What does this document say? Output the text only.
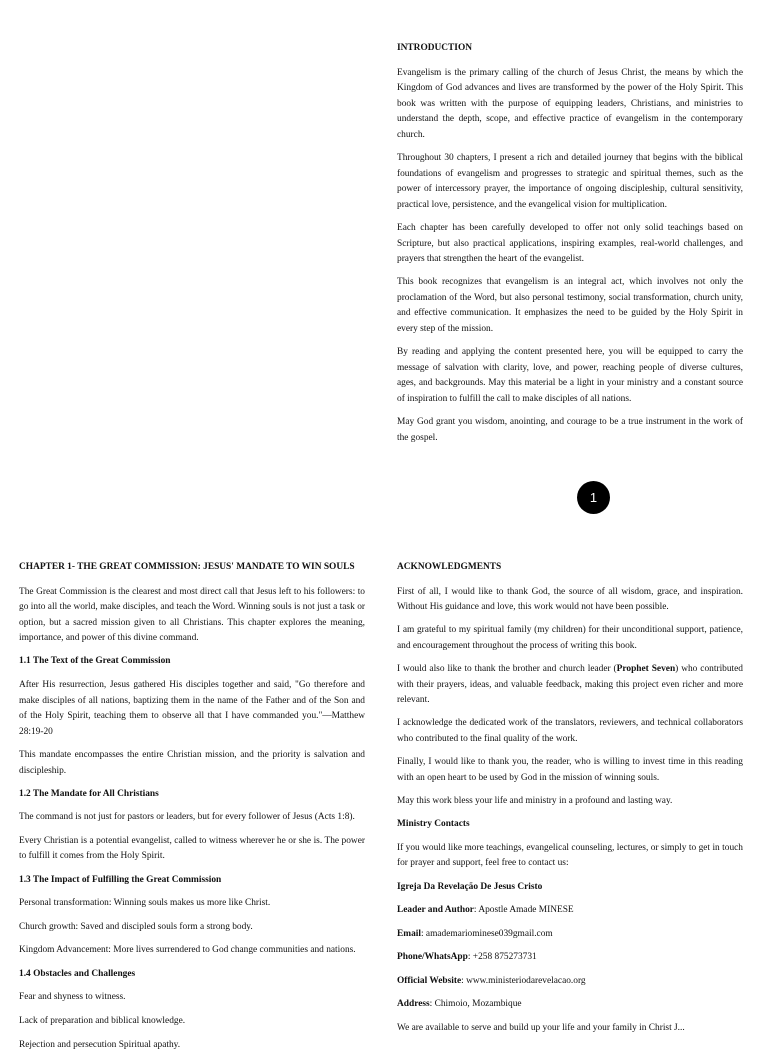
INTRODUCTION

Evangelism is the primary calling of the church of Jesus Christ, the means by which the Kingdom of God advances and lives are transformed by the power of the Holy Spirit. This book was written with the purpose of equipping leaders, Christians, and ministries to understand the depth, scope, and effective practice of evangelism in the contemporary church.

Throughout 30 chapters, I present a rich and detailed journey that begins with the biblical foundations of evangelism and progresses to strategic and spiritual themes, such as the power of intercessory prayer, the importance of ongoing discipleship, cultural sensitivity, practical love, persistence, and the evangelical vision for multiplication.

Each chapter has been carefully developed to offer not only solid teachings based on Scripture, but also practical applications, inspiring examples, real-world challenges, and prayers that strengthen the heart of the evangelist.

This book recognizes that evangelism is an integral act, which involves not only the proclamation of the Word, but also personal testimony, social transformation, church unity, and effective communication. It emphasizes the need to be guided by the Holy Spirit in every step of the mission.

By reading and applying the content presented here, you will be equipped to carry the message of salvation with clarity, love, and power, reaching people of diverse cultures, ages, and backgrounds. May this material be a light in your ministry and a constant source of inspiration to fulfill the call to make disciples of all nations.

May God grant you wisdom, anointing, and courage to be a true instrument in the work of the gospel.

1
CHAPTER 1- THE GREAT COMMISSION: JESUS' MANDATE TO WIN SOULS

The Great Commission is the clearest and most direct call that Jesus left to his followers: to go into all the world, make disciples, and teach the Word. Winning souls is not just a task or option, but a sacred mission given to all Christians. This chapter explores the meaning, importance, and power of this divine command.

1.1 The Text of the Great Commission

After His resurrection, Jesus gathered His disciples together and said, "Go therefore and make disciples of all nations, baptizing them in the name of the Father and of the Son and of the Holy Spirit, teaching them to observe all that I have commanded you."—Matthew 28:19-20

This mandate encompasses the entire Christian mission, and the priority is salvation and discipleship.

1.2 The Mandate for All Christians

The command is not just for pastors or leaders, but for every follower of Jesus (Acts 1:8).

Every Christian is a potential evangelist, called to witness wherever he or she is. The power to fulfill it comes from the Holy Spirit.

1.3 The Impact of Fulfilling the Great Commission

Personal transformation: Winning souls makes us more like Christ.

Church growth: Saved and discipled souls form a strong body.

Kingdom Advancement: More lives surrendered to God change communities and nations.

1.4 Obstacles and Challenges

Fear and shyness to witness.

Lack of preparation and biblical knowledge.

Rejection and persecution Spiritual apathy.

ACKNOWLEDGMENTS

First of all, I would like to thank God, the source of all wisdom, grace, and inspiration. Without His guidance and love, this work would not have been possible.

I am grateful to my spiritual family (my children) for their unconditional support, patience, and encouragement throughout the process of writing this book.

I would also like to thank the brother and church leader (Prophet Seven) who contributed with their prayers, ideas, and valuable feedback, making this project even richer and more relevant.

I acknowledge the dedicated work of the translators, reviewers, and technical collaborators who contributed to the final quality of the work.

Finally, I would like to thank you, the reader, who is willing to invest time in this reading with an open heart to be used by God in the mission of winning souls.

May this work bless your life and ministry in a profound and lasting way.

Ministry Contacts

If you would like more teachings, evangelical counseling, lectures, or simply to get in touch for prayer and support, feel free to contact us:

Igreja Da Revelação De Jesus Cristo

Leader and Author: Apostle Amade MINESE

Email: amademariominese039gmail.com

Phone/WhatsApp: +258 875273731

Official Website: www.ministeriodarevelacao.org

Address: Chimoio, Mozambique

We are available to serve and build up your life and your family in Christ J...
